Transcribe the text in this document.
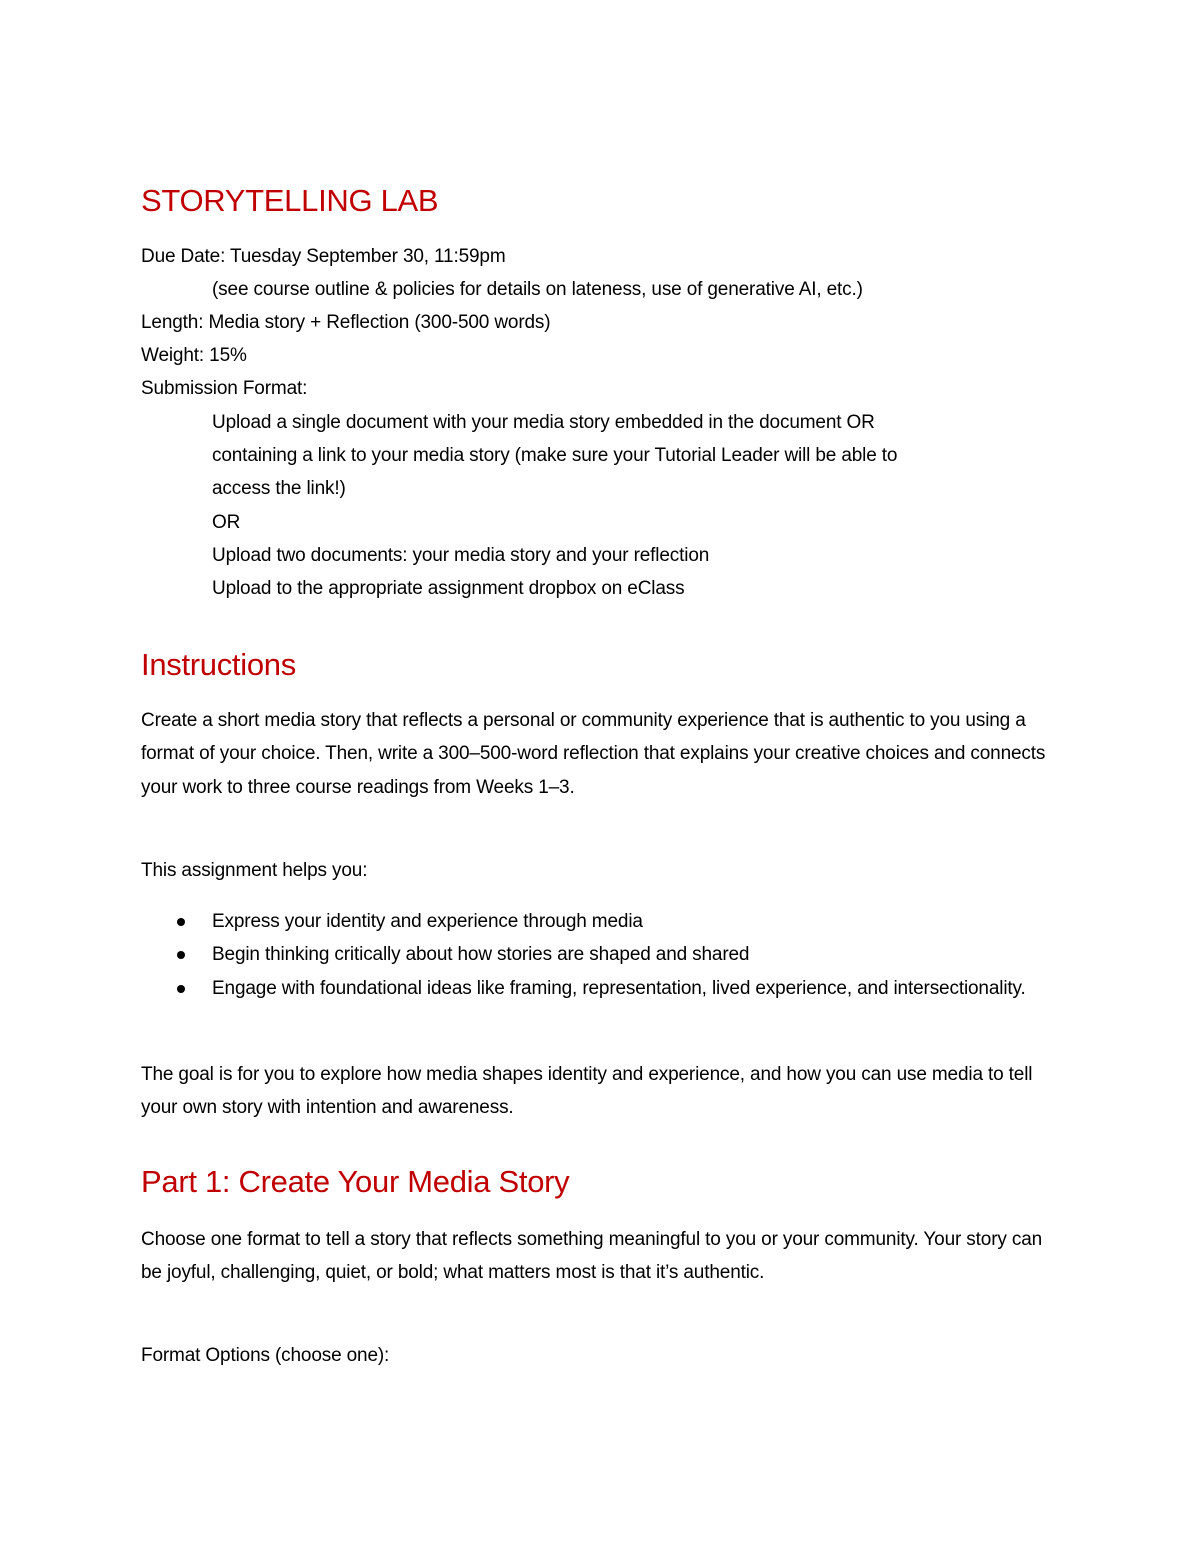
STORYTELLING LAB
Due Date: Tuesday September 30, 11:59pm
(see course outline & policies for details on lateness, use of generative AI, etc.)
Length: Media story + Reflection (300-500 words)
Weight: 15%
Submission Format:
Upload a single document with your media story embedded in the document OR
containing a link to your media story (make sure your Tutorial Leader will be able to
access the link!)
OR
Upload two documents: your media story and your reflection
Upload to the appropriate assignment dropbox on eClass
Instructions

Create a short media story that reflects a personal or community experience that is authentic to you using a format of your choice. Then, write a 300–500-word reflection that explains your creative choices and connects your work to three course readings from Weeks 1–3.

This assignment helps you:

Express your identity and experience through media
Begin thinking critically about how stories are shaped and shared
Engage with foundational ideas like framing, representation, lived experience, and intersectionality.

The goal is for you to explore how media shapes identity and experience, and how you can use media to tell your own story with intention and awareness.

Part 1: Create Your Media Story

Choose one format to tell a story that reflects something meaningful to you or your community. Your story can be joyful, challenging, quiet, or bold; what matters most is that it’s authentic.

Format Options (choose one):
